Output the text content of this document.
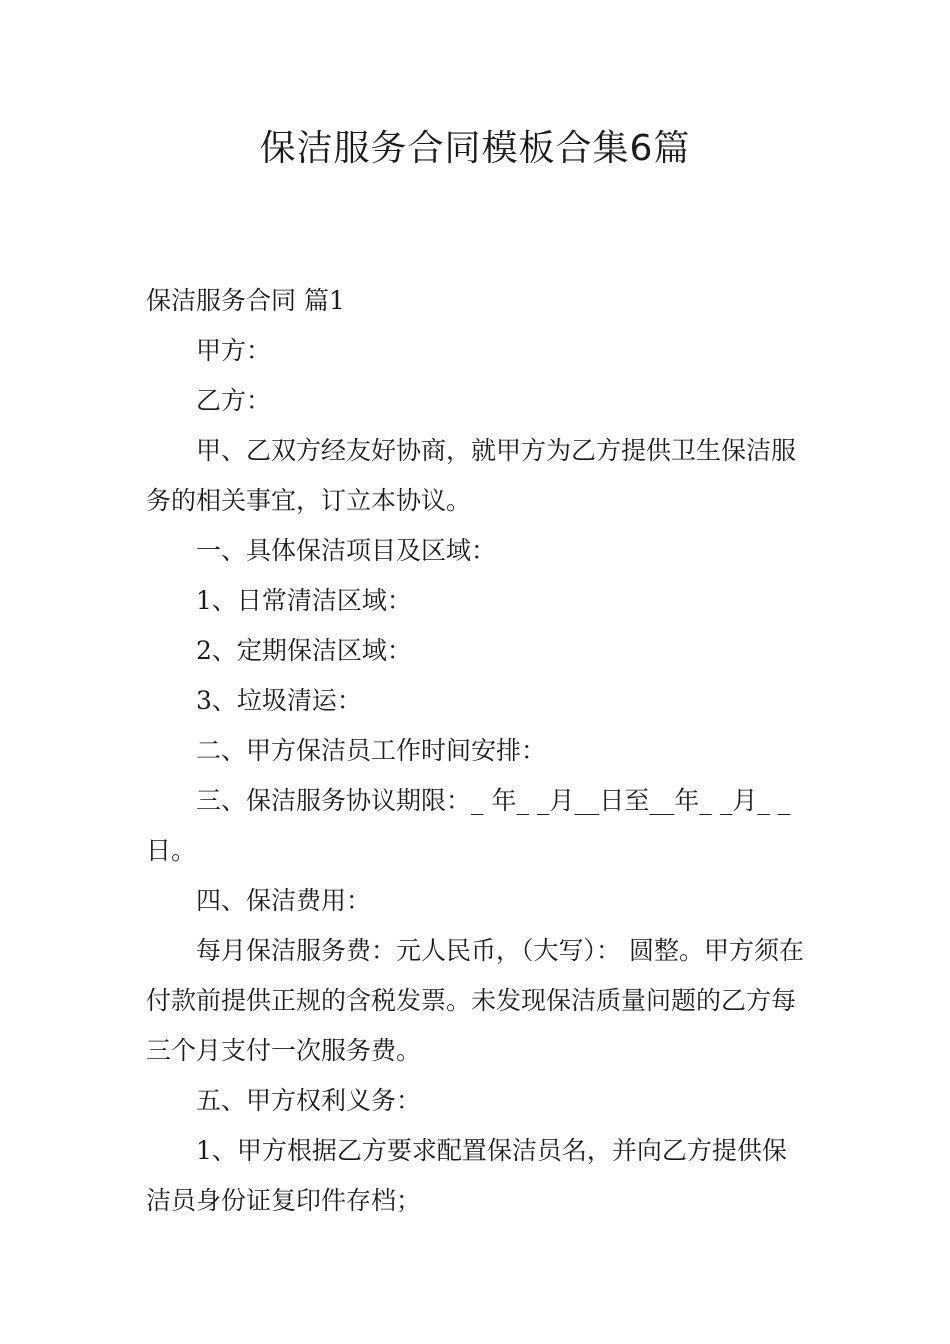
保洁服务合同模板合集6篇

保洁服务合同 篇1

甲方：

乙方：

甲、乙双方经友好协商，就甲方为乙方提供卫生保洁服务的相关事宜，订立本协议。

一、具体保洁项目及区域：

1、日常清洁区域：

2、定期保洁区域：

3、垃圾清运：

二、甲方保洁员工作时间安排：

三、保洁服务协议期限：_ 年_ _月__日至__年_ _月_ _日。

四、保洁费用：

每月保洁服务费：元人民币，（大写）： 圆整。甲方须在付款前提供正规的含税发票。未发现保洁质量问题的乙方每三个月支付一次服务费。

五、甲方权利义务：

1、甲方根据乙方要求配置保洁员名，并向乙方提供保洁员身份证复印件存档；
